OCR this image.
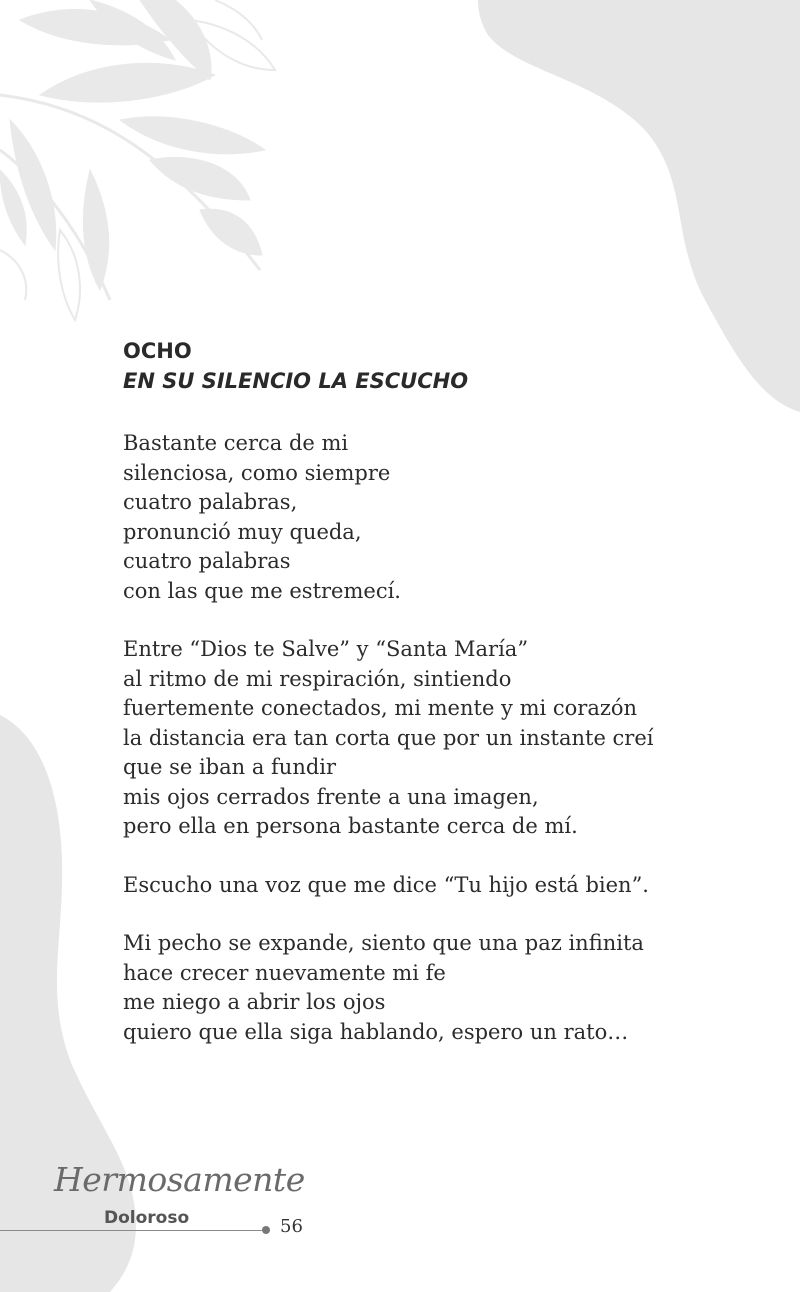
OCHO
EN SU SILENCIO LA ESCUCHO
Bastante cerca de mi
silenciosa, como siempre
cuatro palabras,
pronunció muy queda,
cuatro palabras
con las que me estremecí.
Entre “Dios te Salve” y “Santa María”
al ritmo de mi respiración, sintiendo
fuertemente conectados, mi mente y mi corazón
la distancia era tan corta que por un instante creí
que se iban a fundir
mis ojos cerrados frente a una imagen,
pero ella en persona bastante cerca de mí.
Escucho una voz que me dice “Tu hijo está bien”.
Mi pecho se expande, siento que una paz infinita
hace crecer nuevamente mi fe
me niego a abrir los ojos
quiero que ella siga hablando, espero un rato…
Hermosamente
Doloroso	56
